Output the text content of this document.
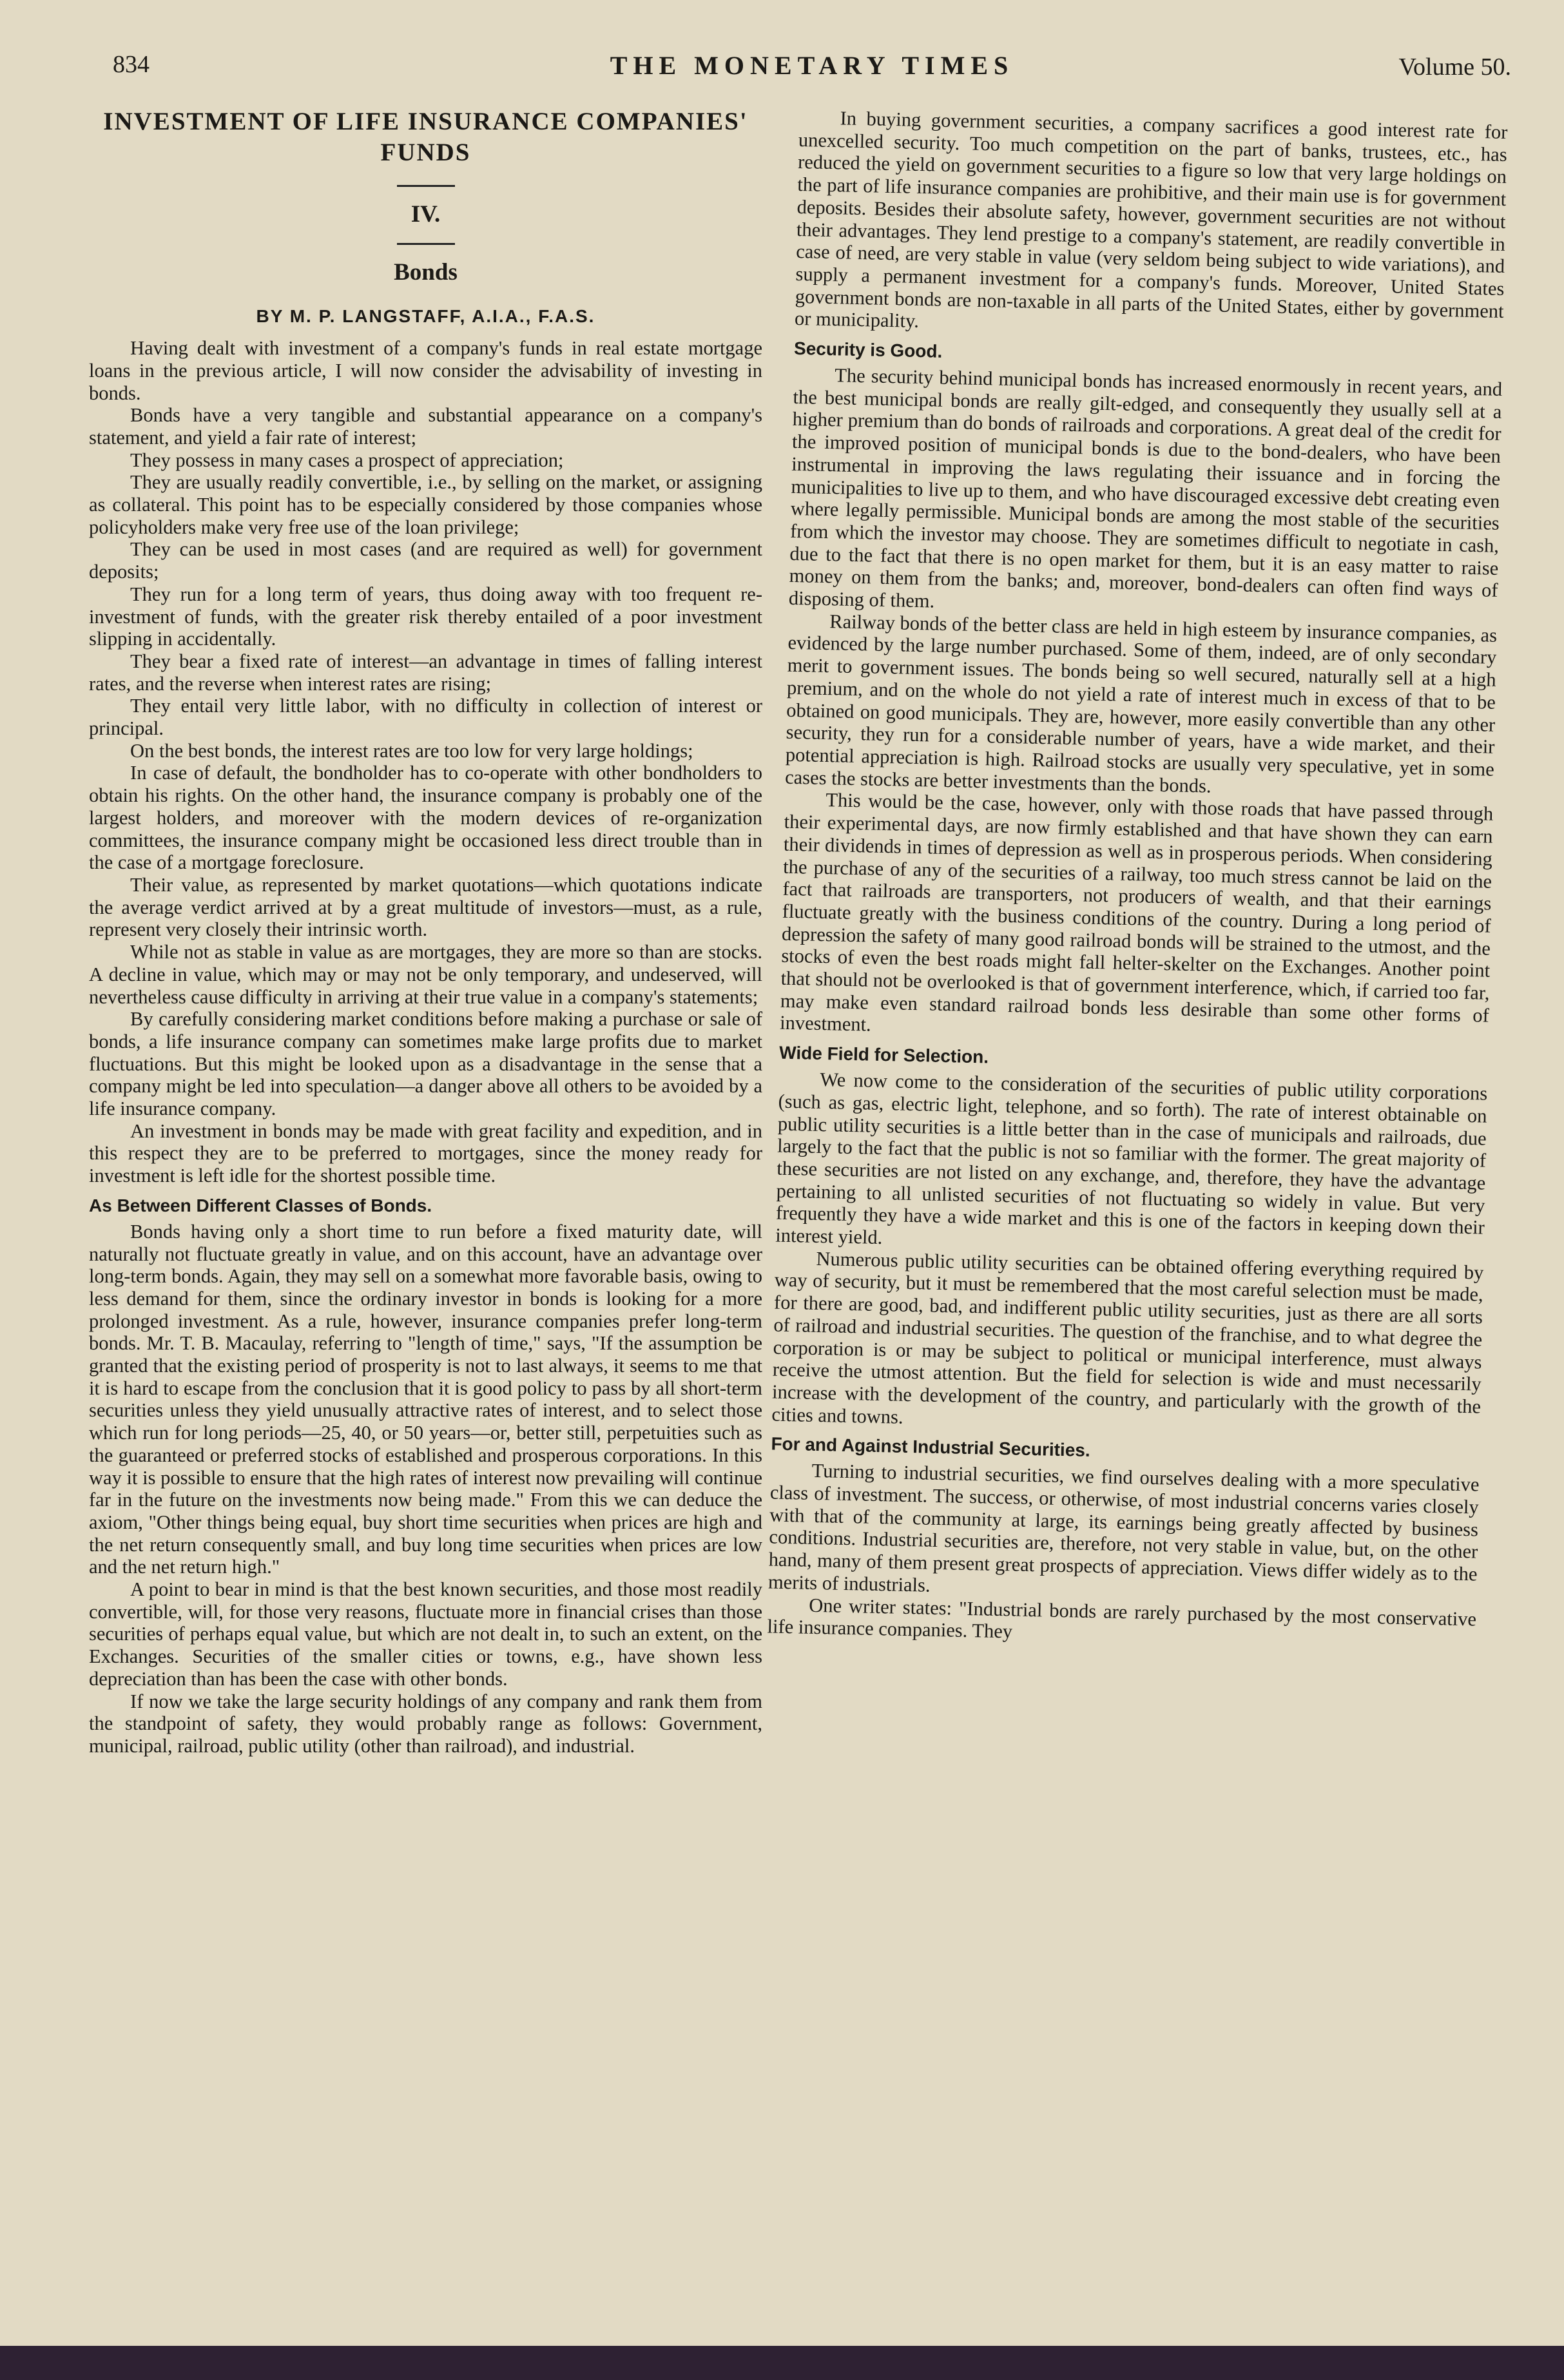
834	THE MONETARY TIMES	Volume 50.
INVESTMENT OF LIFE INSURANCE COMPANIES' FUNDS
IV.
Bonds
BY M. P. LANGSTAFF, A.I.A., F.A.S.

Having dealt with investment of a company's funds in real estate mortgage loans in the previous article, I will now consider the advisability of investing in bonds.

Bonds have a very tangible and substantial appearance on a company's statement, and yield a fair rate of interest;

They possess in many cases a prospect of appreciation;

They are usually readily convertible, i.e., by selling on the market, or assigning as collateral. This point has to be especially considered by those companies whose policyholders make very free use of the loan privilege;

They can be used in most cases (and are required as well) for government deposits;

They run for a long term of years, thus doing away with too frequent re-investment of funds, with the greater risk thereby entailed of a poor investment slipping in accidentally.

They bear a fixed rate of interest—an advantage in times of falling interest rates, and the reverse when interest rates are rising;

They entail very little labor, with no difficulty in collection of interest or principal.

On the best bonds, the interest rates are too low for very large holdings;

In case of default, the bondholder has to co-operate with other bondholders to obtain his rights. On the other hand, the insurance company is probably one of the largest holders, and moreover with the modern devices of re-organization committees, the insurance company might be occasioned less direct trouble than in the case of a mortgage foreclosure.

Their value, as represented by market quotations—which quotations indicate the average verdict arrived at by a great multitude of investors—must, as a rule, represent very closely their intrinsic worth.

While not as stable in value as are mortgages, they are more so than are stocks. A decline in value, which may or may not be only temporary, and undeserved, will nevertheless cause difficulty in arriving at their true value in a company's statements;

By carefully considering market conditions before making a purchase or sale of bonds, a life insurance company can sometimes make large profits due to market fluctuations. But this might be looked upon as a disadvantage in the sense that a company might be led into speculation—a danger above all others to be avoided by a life insurance company.

An investment in bonds may be made with great facility and expedition, and in this respect they are to be preferred to mortgages, since the money ready for investment is left idle for the shortest possible time.

As Between Different Classes of Bonds.

Bonds having only a short time to run before a fixed maturity date, will naturally not fluctuate greatly in value, and on this account, have an advantage over long-term bonds. Again, they may sell on a somewhat more favorable basis, owing to less demand for them, since the ordinary investor in bonds is looking for a more prolonged investment. As a rule, however, insurance companies prefer long-term bonds. Mr. T. B. Macaulay, referring to "length of time," says, "If the assumption be granted that the existing period of prosperity is not to last always, it seems to me that it is hard to escape from the conclusion that it is good policy to pass by all short-term securities unless they yield unusually attractive rates of interest, and to select those which run for long periods—25, 40, or 50 years—or, better still, perpetuities such as the guaranteed or preferred stocks of established and prosperous corporations. In this way it is possible to ensure that the high rates of interest now prevailing will continue far in the future on the investments now being made." From this we can deduce the axiom, "Other things being equal, buy short time securities when prices are high and the net return consequently small, and buy long time securities when prices are low and the net return high."

A point to bear in mind is that the best known securities, and those most readily convertible, will, for those very reasons, fluctuate more in financial crises than those securities of perhaps equal value, but which are not dealt in, to such an extent, on the Exchanges. Securities of the smaller cities or towns, e.g., have shown less depreciation than has been the case with other bonds.

If now we take the large security holdings of any company and rank them from the standpoint of safety, they would probably range as follows: Government, municipal, railroad, public utility (other than railroad), and industrial.

In buying government securities, a company sacrifices a good interest rate for unexcelled security. Too much competition on the part of banks, trustees, etc., has reduced the yield on government securities to a figure so low that very large holdings on the part of life insurance companies are prohibitive, and their main use is for government deposits. Besides their absolute safety, however, government securities are not without their advantages. They lend prestige to a company's statement, are readily convertible in case of need, are very stable in value (very seldom being subject to wide variations), and supply a permanent investment for a company's funds. Moreover, United States government bonds are non-taxable in all parts of the United States, either by government or municipality.

Security is Good.

The security behind municipal bonds has increased enormously in recent years, and the best municipal bonds are really gilt-edged, and consequently they usually sell at a higher premium than do bonds of railroads and corporations. A great deal of the credit for the improved position of municipal bonds is due to the bond-dealers, who have been instrumental in improving the laws regulating their issuance and in forcing the municipalities to live up to them, and who have discouraged excessive debt creating even where legally permissible. Municipal bonds are among the most stable of the securities from which the investor may choose. They are sometimes difficult to negotiate in cash, due to the fact that there is no open market for them, but it is an easy matter to raise money on them from the banks; and, moreover, bond-dealers can often find ways of disposing of them.

Railway bonds of the better class are held in high esteem by insurance companies, as evidenced by the large number purchased. Some of them, indeed, are of only secondary merit to government issues. The bonds being so well secured, naturally sell at a high premium, and on the whole do not yield a rate of interest much in excess of that to be obtained on good municipals. They are, however, more easily convertible than any other security, they run for a considerable number of years, have a wide market, and their potential appreciation is high. Railroad stocks are usually very speculative, yet in some cases the stocks are better investments than the bonds.

This would be the case, however, only with those roads that have passed through their experimental days, are now firmly established and that have shown they can earn their dividends in times of depression as well as in prosperous periods. When considering the purchase of any of the securities of a railway, too much stress cannot be laid on the fact that railroads are transporters, not producers of wealth, and that their earnings fluctuate greatly with the business conditions of the country. During a long period of depression the safety of many good railroad bonds will be strained to the utmost, and the stocks of even the best roads might fall helter-skelter on the Exchanges. Another point that should not be overlooked is that of government interference, which, if carried too far, may make even standard railroad bonds less desirable than some other forms of investment.

Wide Field for Selection.

We now come to the consideration of the securities of public utility corporations (such as gas, electric light, telephone, and so forth). The rate of interest obtainable on public utility securities is a little better than in the case of municipals and railroads, due largely to the fact that the public is not so familiar with the former. The great majority of these securities are not listed on any exchange, and, therefore, they have the advantage pertaining to all unlisted securities of not fluctuating so widely in value. But very frequently they have a wide market and this is one of the factors in keeping down their interest yield.

Numerous public utility securities can be obtained offering everything required by way of security, but it must be remembered that the most careful selection must be made, for there are good, bad, and indifferent public utility securities, just as there are all sorts of railroad and industrial securities. The question of the franchise, and to what degree the corporation is or may be subject to political or municipal interference, must always receive the utmost attention. But the field for selection is wide and must necessarily increase with the development of the country, and particularly with the growth of the cities and towns.

For and Against Industrial Securities.

Turning to industrial securities, we find ourselves dealing with a more speculative class of investment. The success, or otherwise, of most industrial concerns varies closely with that of the community at large, its earnings being greatly affected by business conditions. Industrial securities are, therefore, not very stable in value, but, on the other hand, many of them present great prospects of appreciation. Views differ widely as to the merits of industrials.

One writer states: "Industrial bonds are rarely purchased by the most conservative life insurance companies. They
